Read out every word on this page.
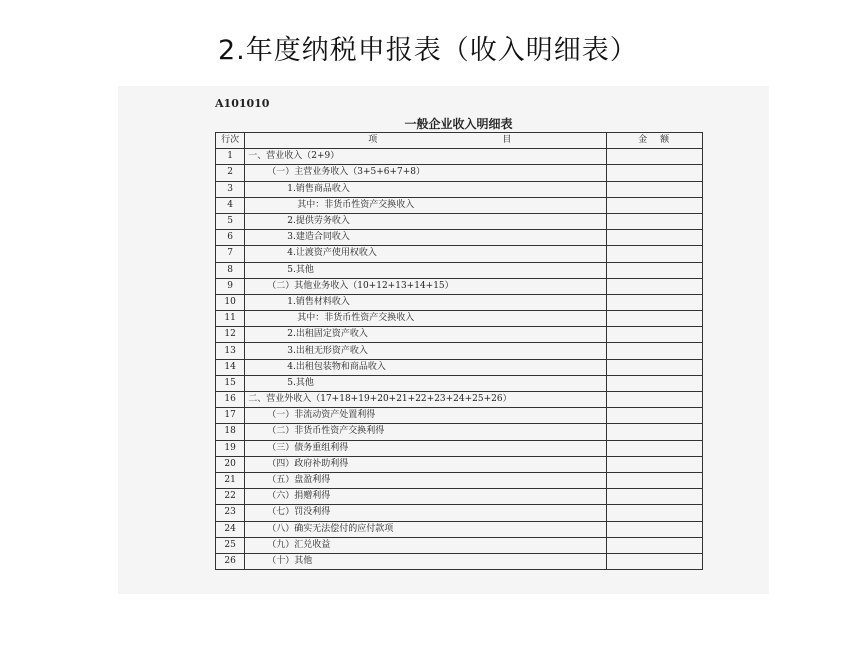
2.年度纳税申报表（收入明细表）
A101010
一般企业收入明细表
行次	项 目	金　额
1	一、营业收入（2+9）	
2	（一）主营业务收入（3+5+6+7+8）	
3	1.销售商品收入	
4	其中：非货币性资产交换收入	
5	2.提供劳务收入	
6	3.建造合同收入	
7	4.让渡资产使用权收入	
8	5.其他	
9	（二）其他业务收入（10+12+13+14+15）	
10	1.销售材料收入	
11	其中：非货币性资产交换收入	
12	2.出租固定资产收入	
13	3.出租无形资产收入	
14	4.出租包装物和商品收入	
15	5.其他	
16	二、营业外收入（17+18+19+20+21+22+23+24+25+26）	
17	（一）非流动资产处置利得	
18	（二）非货币性资产交换利得	
19	（三）债务重组利得	
20	（四）政府补助利得	
21	（五）盘盈利得	
22	（六）捐赠利得	
23	（七）罚没利得	
24	（八）确实无法偿付的应付款项	
25	（九）汇兑收益	
26	（十）其他	
